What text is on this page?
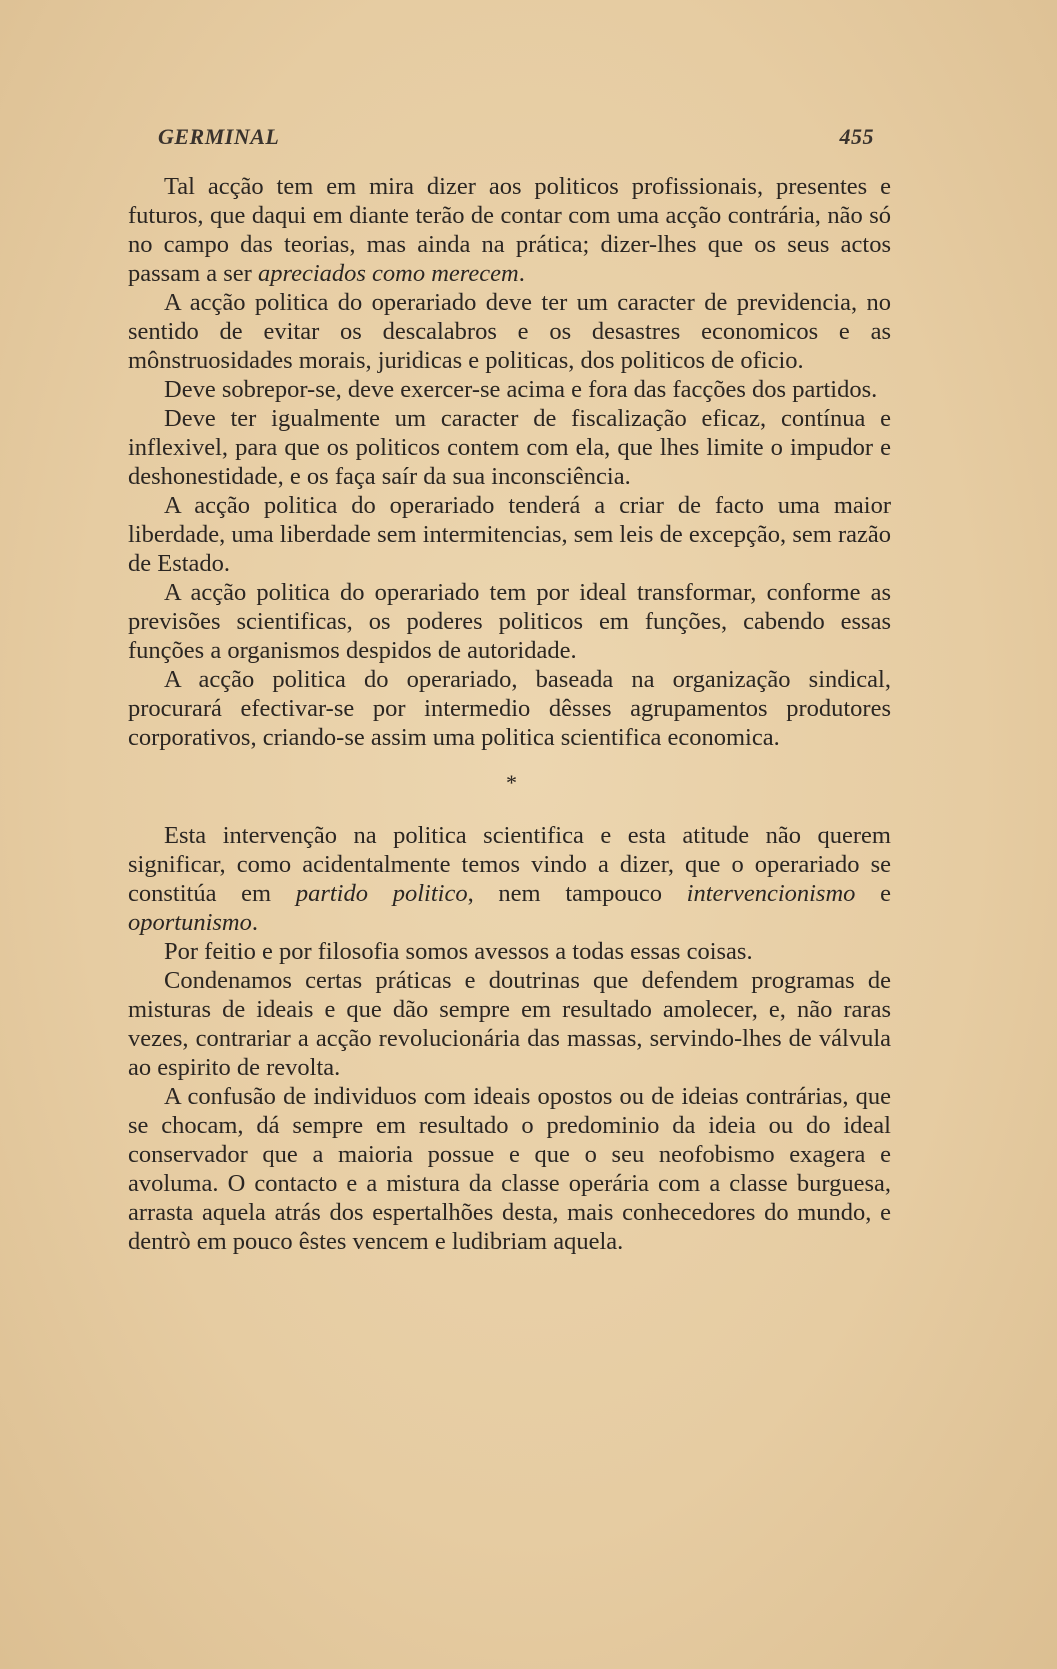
GERMINAL	455

Tal acção tem em mira dizer aos politicos profissionais, presentes e futuros, que daqui em diante terão de contar com uma acção contrária, não só no campo das teorias, mas ainda na prática; dizer-lhes que os seus actos passam a ser apreciados como merecem.

A acção politica do operariado deve ter um caracter de previdencia, no sentido de evitar os descalabros e os desastres economicos e as mônstruosidades morais, juridicas e politicas, dos politicos de oficio.

Deve sobrepor-se, deve exercer-se acima e fora das facções dos partidos.

Deve ter igualmente um caracter de fiscalização eficaz, contínua e inflexivel, para que os politicos contem com ela, que lhes limite o impudor e deshonestidade, e os faça saír da sua inconsciência.

A acção politica do operariado tenderá a criar de facto uma maior liberdade, uma liberdade sem intermitencias, sem leis de excepção, sem razão de Estado.

A acção politica do operariado tem por ideal transformar, conforme as previsões scientificas, os poderes politicos em funções, cabendo essas funções a organismos despidos de autoridade.

A acção politica do operariado, baseada na organização sindical, procurará efectivar-se por intermedio dêsses agrupamentos produtores corporativos, criando-se assim uma politica scientifica economica.

*

Esta intervenção na politica scientifica e esta atitude não querem significar, como acidentalmente temos vindo a dizer, que o operariado se constitúa em partido politico, nem tampouco intervencionismo e oportunismo.

Por feitio e por filosofia somos avessos a todas essas coisas.

Condenamos certas práticas e doutrinas que defendem programas de misturas de ideais e que dão sempre em resultado amolecer, e, não raras vezes, contrariar a acção revolucionária das massas, servindo-lhes de válvula ao espirito de revolta.

A confusão de individuos com ideais opostos ou de ideias contrárias, que se chocam, dá sempre em resultado o predominio da ideia ou do ideal conservador que a maioria possue e que o seu neofobismo exagera e avoluma. O contacto e a mistura da classe operária com a classe burguesa, arrasta aquela atrás dos espertalhões desta, mais conhecedores do mundo, e dentrò em pouco êstes vencem e ludibriam aquela.
